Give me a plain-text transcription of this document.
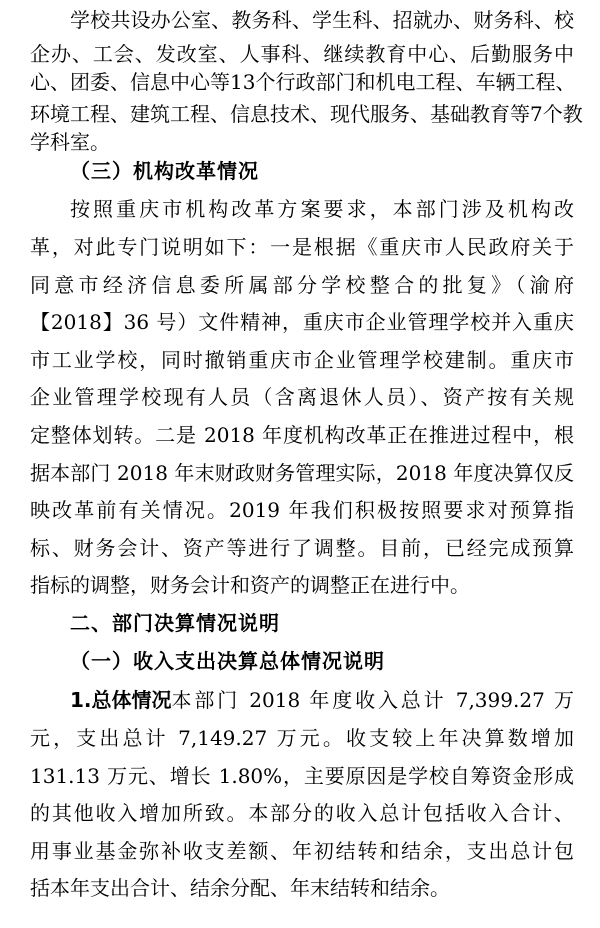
学校共设办公室、教务科、学生科、招就办、财务科、校
企办、工会、发改室、人事科、继续教育中心、后勤服务中
心、团委、信息中心等13个行政部门和机电工程、车辆工程、
环境工程、建筑工程、信息技术、现代服务、基础教育等7个教
学科室。
（三）机构改革情况
按照重庆市机构改革方案要求，本部门涉及机构改
革，对此专门说明如下：一是根据《重庆市人民政府关于
同意市经济信息委所属部分学校整合的批复》（渝府
【2018】36 号）文件精神，重庆市企业管理学校并入重庆
市工业学校，同时撤销重庆市企业管理学校建制。重庆市
企业管理学校现有人员（含离退休人员）、资产按有关规
定整体划转。二是 2018 年度机构改革正在推进过程中，根
据本部门 2018 年末财政财务管理实际，2018 年度决算仅反
映改革前有关情况。2019 年我们积极按照要求对预算指
标、财务会计、资产等进行了调整。目前，已经完成预算
指标的调整，财务会计和资产的调整正在进行中。
二、部门决算情况说明
（一）收入支出决算总体情况说明
1.总体情况 本部门 2018 年度收入总计 7,399.27 万
元，支出总计 7,149.27 万元。收支较上年决算数增加
131.13 万元、增长 1.80%，主要原因是学校自筹资金形成
的其他收入增加所致。本部分的收入总计包括收入合计、
用事业基金弥补收支差额、年初结转和结余，支出总计包
括本年支出合计、结余分配、年末结转和结余。
